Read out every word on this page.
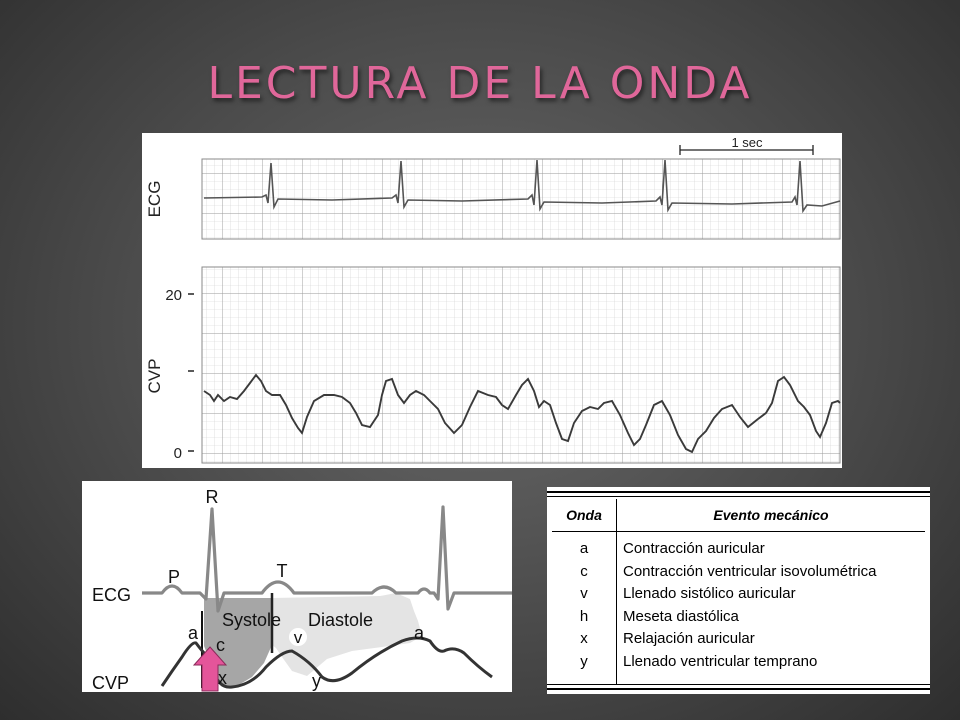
LECTURA DE LA ONDA
1 sec
ECG
CVP
20
0
R
P	T
ECG
Systole Diastole
a
c	v	a
x	y
CVP
Onda	Evento mecánico

a	Contracción auricular
c	Contracción ventricular isovolumétrica
v	Llenado sistólico auricular
h	Meseta diastólica
x	Relajación auricular
y	Llenado ventricular temprano
